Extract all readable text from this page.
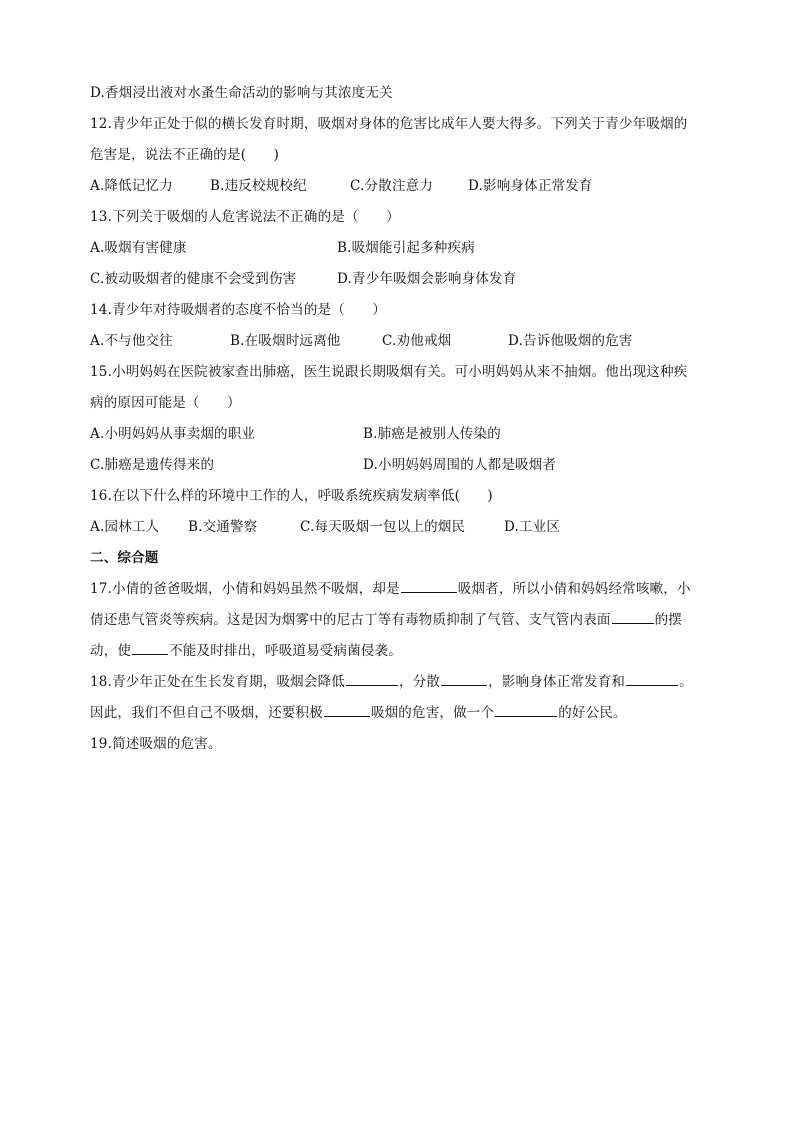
D.香烟浸出液对水蚤生命活动的影响与其浓度无关
12.青少年正处于似的横长发育时期，吸烟对身体的危害比成年人要大得多。下列关于青少年吸烟的
危害是，说法不正确的是(　　)
A.降低记忆力	B.违反校规校纪	C.分散注意力	D.影响身体正常发育
13.下列关于吸烟的人危害说法不正确的是（　　）
A.吸烟有害健康	B.吸烟能引起多种疾病
C.被动吸烟者的健康不会受到伤害	D.青少年吸烟会影响身体发育
14.青少年对待吸烟者的态度不恰当的是（　　）
A.不与他交往	B.在吸烟时远离他	C.劝他戒烟	D.告诉他吸烟的危害
15.小明妈妈在医院被家查出肺癌，医生说跟长期吸烟有关。可小明妈妈从来不抽烟。他出现这种疾
病的原因可能是（　　）
A.小明妈妈从事卖烟的职业	B.肺癌是被别人传染的
C.肺癌是遗传得来的	D.小明妈妈周围的人都是吸烟者
16.在以下什么样的环境中工作的人，呼吸系统疾病发病率低(　　)
A.园林工人	B.交通警察	C.每天吸烟一包以上的烟民	D.工业区
二、综合题
17.小倩的爸爸吸烟，小倩和妈妈虽然不吸烟，却是	吸烟者，所以小倩和妈妈经常咳嗽，小
倩还患气管炎等疾病。这是因为烟雾中的尼古丁等有毒物质抑制了气管、支气管内表面	的摆
动，使	不能及时排出，呼吸道易受病菌侵袭。
18.青少年正处在生长发育期，吸烟会降低	，分散	，影响身体正常发育和	。
因此，我们不但自己不吸烟，还要积极	吸烟的危害，做一个	的好公民。
19.简述吸烟的危害。
